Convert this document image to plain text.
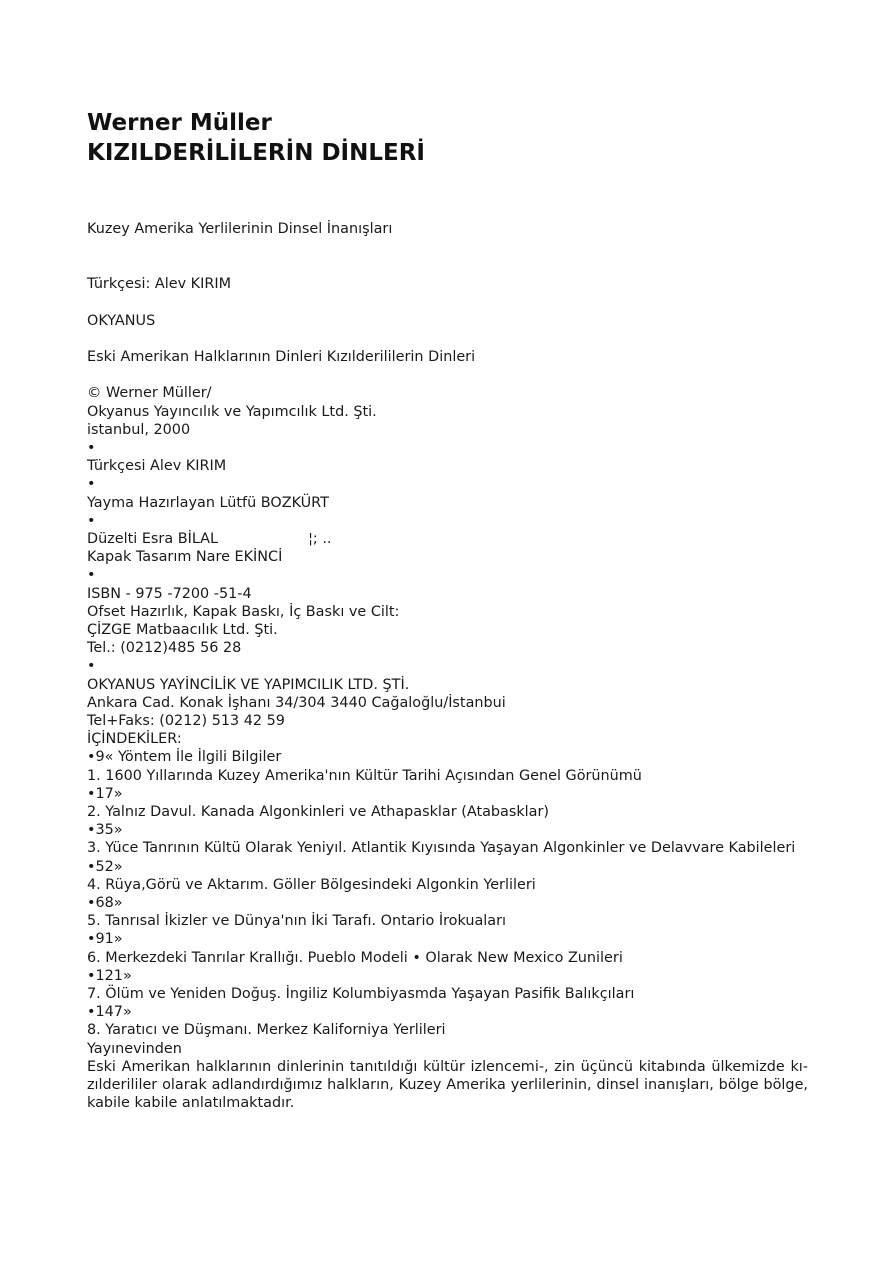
Werner Müller
KIZILDERİLİLERİN DİNLERİ
Kuzey Amerika Yerlilerinin Dinsel İnanışları
Türkçesi: Alev KIRIM
OKYANUS
Eski Amerikan Halklarının Dinleri Kızılderililerin Dinleri
© Werner Müller/
Okyanus Yayıncılık ve Yapımcılık Ltd. Şti.
istanbul, 2000
•
Türkçesi Alev KIRIM
•
Yayma Hazırlayan Lütfü BOZKÜRT
•
Düzelti Esra BİLAL	¦; ..
Kapak Tasarım Nare EKİNCİ
•
ISBN - 975 -7200 -51-4
Ofset Hazırlık, Kapak Baskı, İç Baskı ve Cilt:
ÇİZGE Matbaacılık Ltd. Şti.
Tel.: (0212)485 56 28
•
OKYANUS YAYİNCİLİK VE YAPIMCILIK LTD. ŞTİ.
Ankara Cad. Konak İşhanı 34/304 3440 Cağaloğlu/İstanbui
Tel+Faks: (0212) 513 42 59
İÇİNDEKİLER:
•9« Yöntem İle İlgili Bilgiler
1. 1600 Yıllarında Kuzey Amerika'nın Kültür Tarihi Açısından Genel Görünümü
•17»
2. Yalnız Davul. Kanada Algonkinleri ve Athapasklar (Atabasklar)
•35»
3. Yüce Tanrının Kültü Olarak Yeniyıl. Atlantik Kıyısında Yaşayan Algonkinler ve Delavvare Kabileleri
•52»
4. Rüya,Görü ve Aktarım. Göller Bölgesindeki Algonkin Yerlileri
•68»
5. Tanrısal İkizler ve Dünya'nın İki Tarafı. Ontario İrokuaları
•91»
6. Merkezdeki Tanrılar Krallığı. Pueblo Modeli • Olarak New Mexico Zunileri
•121»
7. Ölüm ve Yeniden Doğuş. İngiliz Kolumbiyasmda Yaşayan Pasifik Balıkçıları
•147»
8. Yaratıcı ve Düşmanı. Merkez Kaliforniya Yerlileri
Yayınevinden
Eski Amerikan halklarının dinlerinin tanıtıldığı kültür izlencemi-, zin üçüncü kitabında ülkemizde kı-zılderililer olarak adlandırdığımız halkların, Kuzey Amerika yerlilerinin, dinsel inanışları, bölge bölge, kabile kabile anlatılmaktadır.
